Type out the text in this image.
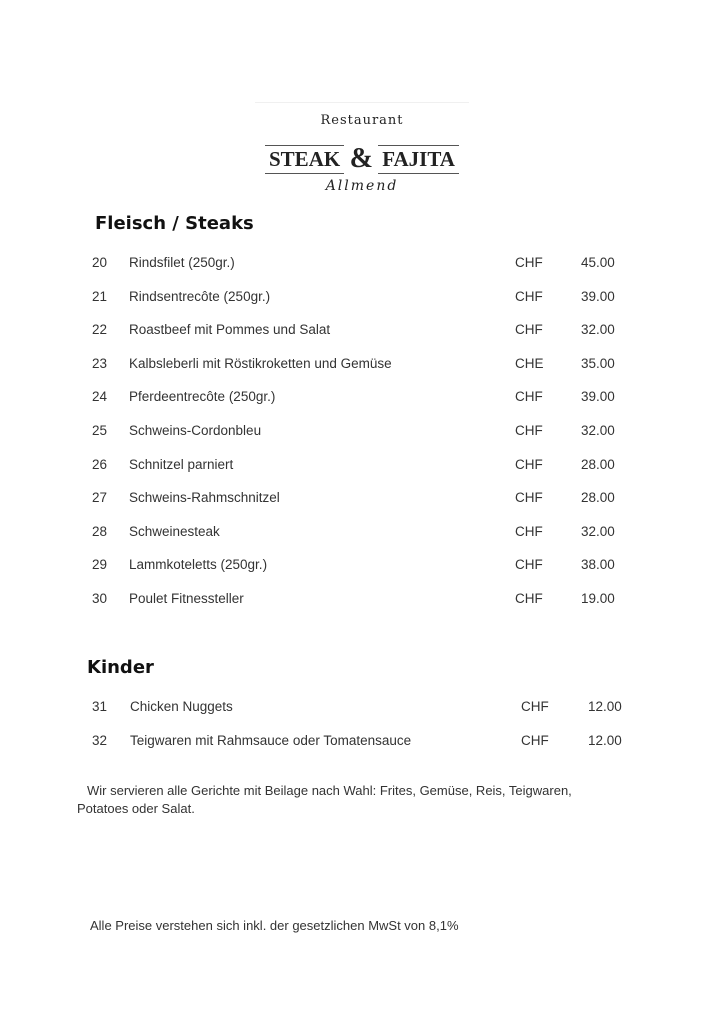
Restaurant
STEAK & FAJITA
Allmend
Fleisch / Steaks
20 Rindsfilet (250gr.)	CHF	45.00
21 Rindsentrecôte (250gr.)	CHF	39.00
22 Roastbeef mit Pommes und Salat	CHF	32.00
23 Kalbsleberli mit Röstikroketten und Gemüse	CHE	35.00
24 Pferdeentrecôte (250gr.)	CHF	39.00
25 Schweins-Cordonbleu	CHF	32.00
26 Schnitzel parniert	CHF	28.00
27 Schweins-Rahmschnitzel	CHF	28.00
28 Schweinesteak	CHF	32.00
29 Lammkoteletts (250gr.)	CHF	38.00
30 Poulet Fitnessteller	CHF	19.00
Kinder
31 Chicken Nuggets	CHF	12.00
32 Teigwaren mit Rahmsauce oder Tomatensauce	CHF	12.00
Wir servieren alle Gerichte mit Beilage nach Wahl: Frites, Gemüse, Reis, Teigwaren,
Potatoes oder Salat.
Alle Preise verstehen sich inkl. der gesetzlichen MwSt von 8,1%
